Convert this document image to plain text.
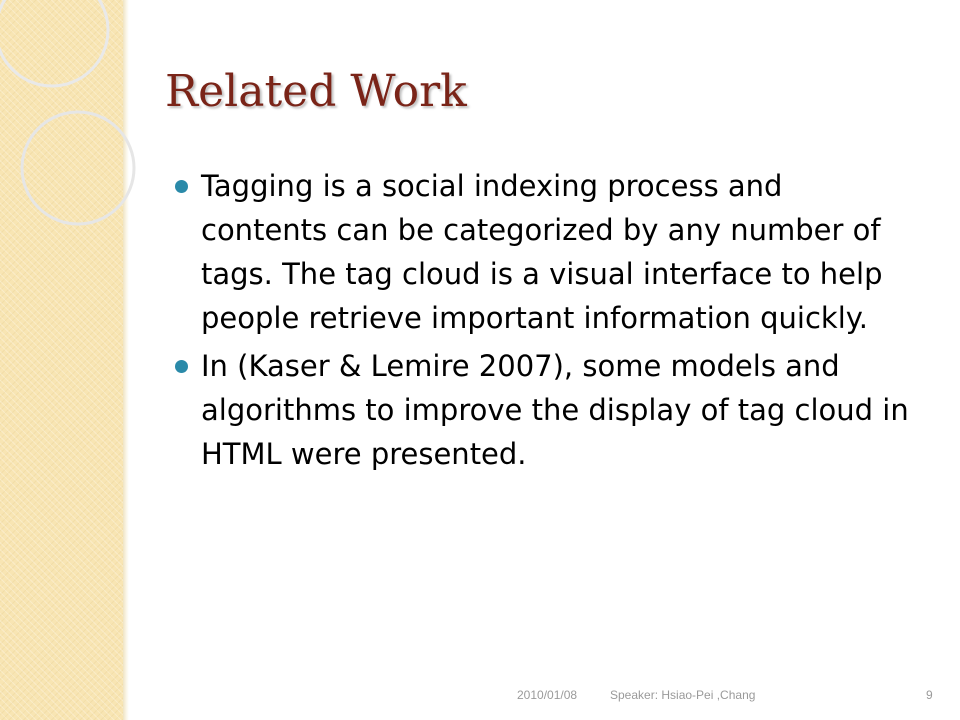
Related Work
Tagging is a social indexing process and contents can be categorized by any number of tags. The tag cloud is a visual interface to help people retrieve important information quickly.
In (Kaser & Lemire 2007), some models and algorithms to improve the display of tag cloud in HTML were presented.
2010/01/08	Speaker: Hsiao-Pei ,Chang	9
